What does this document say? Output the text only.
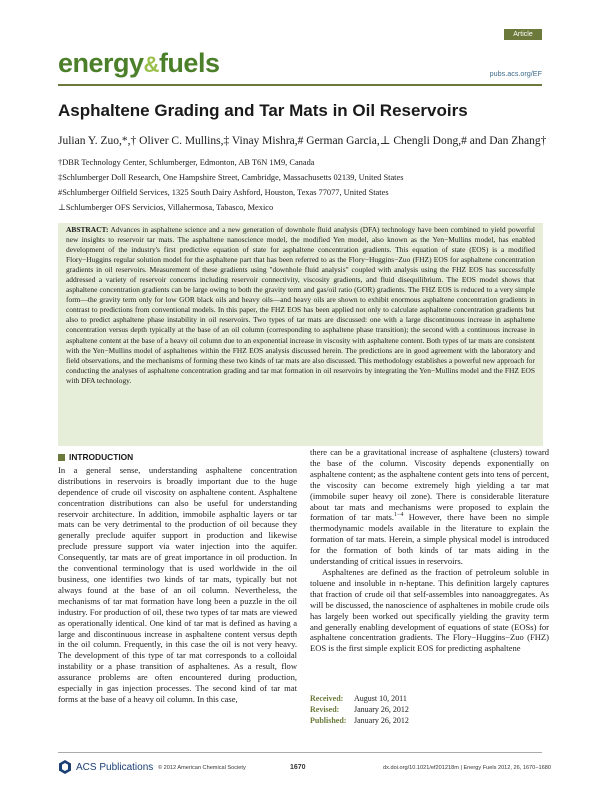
energy&fuels
Article
pubs.acs.org/EF
Asphaltene Grading and Tar Mats in Oil Reservoirs
Julian Y. Zuo,*,† Oliver C. Mullins,‡ Vinay Mishra,# German Garcia,⊥ Chengli Dong,# and Dan Zhang†
†DBR Technology Center, Schlumberger, Edmonton, AB T6N 1M9, Canada
‡Schlumberger Doll Research, One Hampshire Street, Cambridge, Massachusetts 02139, United States
#Schlumberger Oilfield Services, 1325 South Dairy Ashford, Houston, Texas 77077, United States
⊥Schlumberger OFS Servicios, Villahermosa, Tabasco, Mexico
ABSTRACT: Advances in asphaltene science and a new generation of downhole fluid analysis (DFA) technology have been combined to yield powerful new insights to reservoir tar mats. The asphaltene nanoscience model, the modified Yen model, also known as the Yen−Mullins model, has enabled development of the industry's first predictive equation of state for asphaltene concentration gradients. This equation of state (EOS) is a modified Flory−Huggins regular solution model for the asphaltene part that has been referred to as the Flory−Huggins−Zuo (FHZ) EOS for asphaltene concentration gradients in oil reservoirs. Measurement of these gradients using "downhole fluid analysis" coupled with analysis using the FHZ EOS has successfully addressed a variety of reservoir concerns including reservoir connectivity, viscosity gradients, and fluid disequilibrium. The EOS model shows that asphaltene concentration gradients can be large owing to both the gravity term and gas/oil ratio (GOR) gradients. The FHZ EOS is reduced to a very simple form—the gravity term only for low GOR black oils and heavy oils—and heavy oils are shown to exhibit enormous asphaltene concentration gradients in contrast to predictions from conventional models. In this paper, the FHZ EOS has been applied not only to calculate asphaltene concentration gradients but also to predict asphaltene phase instability in oil reservoirs. Two types of tar mats are discussed: one with a large discontinuous increase in asphaltene concentration versus depth typically at the base of an oil column (corresponding to asphaltene phase transition); the second with a continuous increase in asphaltene content at the base of a heavy oil column due to an exponential increase in viscosity with asphaltene content. Both types of tar mats are consistent with the Yen−Mullins model of asphaltenes within the FHZ EOS analysis discussed herein. The predictions are in good agreement with the laboratory and field observations, and the mechanisms of forming these two kinds of tar mats are also discussed. This methodology establishes a powerful new approach for conducting the analyses of asphaltene concentration grading and tar mat formation in oil reservoirs by integrating the Yen−Mullins model and the FHZ EOS with DFA technology.
INTRODUCTION

In a general sense, understanding asphaltene concentration distributions in reservoirs is broadly important due to the huge dependence of crude oil viscosity on asphaltene content. Asphaltene concentration distributions can also be useful for understanding reservoir architecture. In addition, immobile asphaltic layers or tar mats can be very detrimental to the production of oil because they generally preclude aquifer support in production and likewise preclude pressure support via water injection into the aquifer. Consequently, tar mats are of great importance in oil production. In the conventional terminology that is used worldwide in the oil business, one identifies two kinds of tar mats, typically but not always found at the base of an oil column. Nevertheless, the mechanisms of tar mat formation have long been a puzzle in the oil industry. For production of oil, these two types of tar mats are viewed as operationally identical. One kind of tar mat is defined as having a large and discontinuous increase in asphaltene content versus depth in the oil column. Frequently, in this case the oil is not very heavy. The development of this type of tar mat corresponds to a colloidal instability or a phase transition of asphaltenes. As a result, flow assurance problems are often encountered during production, especially in gas injection processes. The second kind of tar mat forms at the base of a heavy oil column. In this case,

there can be a gravitational increase of asphaltene (clusters) toward the base of the column. Viscosity depends exponentially on asphaltene content; as the asphaltene content gets into tens of percent, the viscosity can become extremely high yielding a tar mat (immobile super heavy oil zone). There is considerable literature about tar mats and mechanisms were proposed to explain the formation of tar mats.$^{1-4}$ However, there have been no simple thermodynamic models available in the literature to explain the formation of tar mats. Herein, a simple physical model is introduced for the formation of both kinds of tar mats aiding in the understanding of critical issues in reservoirs.

Asphaltenes are defined as the fraction of petroleum soluble in toluene and insoluble in n-heptane. This definition largely captures that fraction of crude oil that self-assembles into nanoaggregates. As will be discussed, the nanoscience of asphaltenes in mobile crude oils has largely been worked out specifically yielding the gravity term and generally enabling development of equations of state (EOSs) for asphaltene concentration gradients. The Flory−Huggins−Zuo (FHZ) EOS is the first simple explicit EOS for predicting asphaltene

Received:	August 10, 2011
Revised:	January 26, 2012
Published: January 26, 2012
ACS Publications © 2012 American Chemical Society	1670	dx.doi.org/10.1021/ef201218m | Energy Fuels 2012, 26, 1670−1680
